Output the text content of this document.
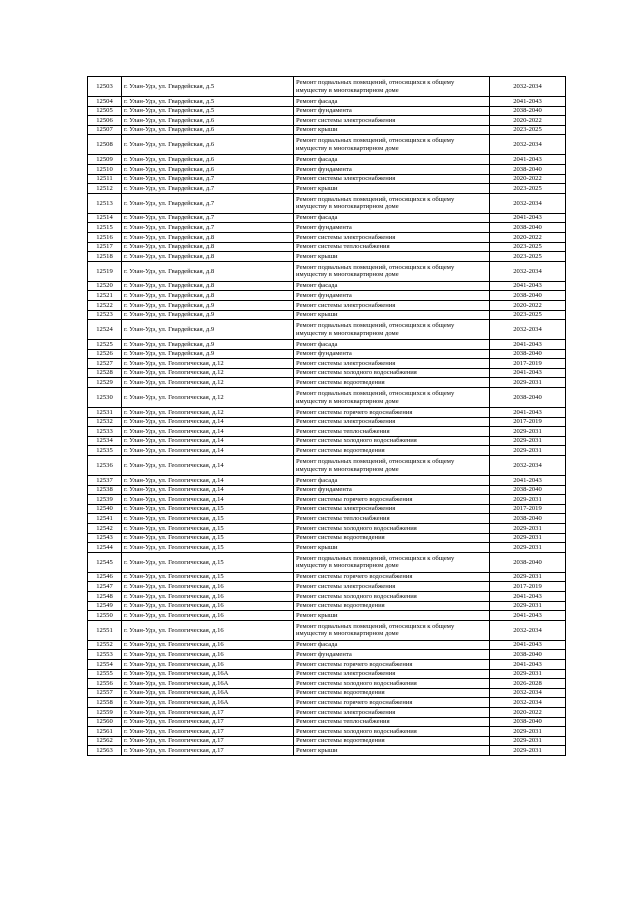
12503	г. Улан-Удэ, ул. Гвардейская, д.5	Ремонт подвальных помещений, относящихся к общему имуществу в многоквартирном доме	2032-2034
12504	г. Улан-Удэ, ул. Гвардейская, д.5	Ремонт фасада	2041-2043
12505	г. Улан-Удэ, ул. Гвардейская, д.5	Ремонт фундамента	2038-2040
12506	г. Улан-Удэ, ул. Гвардейская, д.6	Ремонт системы электроснабжения	2020-2022
12507	г. Улан-Удэ, ул. Гвардейская, д.6	Ремонт крыши	2023-2025
12508	г. Улан-Удэ, ул. Гвардейская, д.6	Ремонт подвальных помещений, относящихся к общему имуществу в многоквартирном доме	2032-2034
12509	г. Улан-Удэ, ул. Гвардейская, д.6	Ремонт фасада	2041-2043
12510	г. Улан-Удэ, ул. Гвардейская, д.6	Ремонт фундамента	2038-2040
12511	г. Улан-Удэ, ул. Гвардейская, д.7	Ремонт системы электроснабжения	2020-2022
12512	г. Улан-Удэ, ул. Гвардейская, д.7	Ремонт крыши	2023-2025
12513	г. Улан-Удэ, ул. Гвардейская, д.7	Ремонт подвальных помещений, относящихся к общему имуществу в многоквартирном доме	2032-2034
12514	г. Улан-Удэ, ул. Гвардейская, д.7	Ремонт фасада	2041-2043
12515	г. Улан-Удэ, ул. Гвардейская, д.7	Ремонт фундамента	2038-2040
12516	г. Улан-Удэ, ул. Гвардейская, д.8	Ремонт системы электроснабжения	2020-2022
12517	г. Улан-Удэ, ул. Гвардейская, д.8	Ремонт системы теплоснабжения	2023-2025
12518	г. Улан-Удэ, ул. Гвардейская, д.8	Ремонт крыши	2023-2025
12519	г. Улан-Удэ, ул. Гвардейская, д.8	Ремонт подвальных помещений, относящихся к общему имуществу в многоквартирном доме	2032-2034
12520	г. Улан-Удэ, ул. Гвардейская, д.8	Ремонт фасада	2041-2043
12521	г. Улан-Удэ, ул. Гвардейская, д.8	Ремонт фундамента	2038-2040
12522	г. Улан-Удэ, ул. Гвардейская, д.9	Ремонт системы электроснабжения	2020-2022
12523	г. Улан-Удэ, ул. Гвардейская, д.9	Ремонт крыши	2023-2025
12524	г. Улан-Удэ, ул. Гвардейская, д.9	Ремонт подвальных помещений, относящихся к общему имуществу в многоквартирном доме	2032-2034
12525	г. Улан-Удэ, ул. Гвардейская, д.9	Ремонт фасада	2041-2043
12526	г. Улан-Удэ, ул. Гвардейская, д.9	Ремонт фундамента	2038-2040
12527	г. Улан-Удэ, ул. Геологическая, д.12	Ремонт системы электроснабжения	2017-2019
12528	г. Улан-Удэ, ул. Геологическая, д.12	Ремонт системы холодного водоснабжения	2041-2043
12529	г. Улан-Удэ, ул. Геологическая, д.12	Ремонт системы водоотведения	2029-2031
12530	г. Улан-Удэ, ул. Геологическая, д.12	Ремонт подвальных помещений, относящихся к общему имуществу в многоквартирном доме	2038-2040
12531	г. Улан-Удэ, ул. Геологическая, д.12	Ремонт системы горячего водоснабжения	2041-2043
12532	г. Улан-Удэ, ул. Геологическая, д.14	Ремонт системы электроснабжения	2017-2019
12533	г. Улан-Удэ, ул. Геологическая, д.14	Ремонт системы теплоснабжения	2029-2031
12534	г. Улан-Удэ, ул. Геологическая, д.14	Ремонт системы холодного водоснабжения	2029-2031
12535	г. Улан-Удэ, ул. Геологическая, д.14	Ремонт системы водоотведения	2029-2031
12536	г. Улан-Удэ, ул. Геологическая, д.14	Ремонт подвальных помещений, относящихся к общему имуществу в многоквартирном доме	2032-2034
12537	г. Улан-Удэ, ул. Геологическая, д.14	Ремонт фасада	2041-2043
12538	г. Улан-Удэ, ул. Геологическая, д.14	Ремонт фундамента	2038-2040
12539	г. Улан-Удэ, ул. Геологическая, д.14	Ремонт системы горячего водоснабжения	2029-2031
12540	г. Улан-Удэ, ул. Геологическая, д.15	Ремонт системы электроснабжения	2017-2019
12541	г. Улан-Удэ, ул. Геологическая, д.15	Ремонт системы теплоснабжения	2038-2040
12542	г. Улан-Удэ, ул. Геологическая, д.15	Ремонт системы холодного водоснабжения	2029-2031
12543	г. Улан-Удэ, ул. Геологическая, д.15	Ремонт системы водоотведения	2029-2031
12544	г. Улан-Удэ, ул. Геологическая, д.15	Ремонт крыши	2029-2031
12545	г. Улан-Удэ, ул. Геологическая, д.15	Ремонт подвальных помещений, относящихся к общему имуществу в многоквартирном доме	2038-2040
12546	г. Улан-Удэ, ул. Геологическая, д.15	Ремонт системы горячего водоснабжения	2029-2031
12547	г. Улан-Удэ, ул. Геологическая, д.16	Ремонт системы электроснабжения	2017-2019
12548	г. Улан-Удэ, ул. Геологическая, д.16	Ремонт системы холодного водоснабжения	2041-2043
12549	г. Улан-Удэ, ул. Геологическая, д.16	Ремонт системы водоотведения	2029-2031
12550	г. Улан-Удэ, ул. Геологическая, д.16	Ремонт крыши	2041-2043
12551	г. Улан-Удэ, ул. Геологическая, д.16	Ремонт подвальных помещений, относящихся к общему имуществу в многоквартирном доме	2032-2034
12552	г. Улан-Удэ, ул. Геологическая, д.16	Ремонт фасада	2041-2043
12553	г. Улан-Удэ, ул. Геологическая, д.16	Ремонт фундамента	2038-2040
12554	г. Улан-Удэ, ул. Геологическая, д.16	Ремонт системы горячего водоснабжения	2041-2043
12555	г. Улан-Удэ, ул. Геологическая, д.16А	Ремонт системы электроснабжения	2029-2031
12556	г. Улан-Удэ, ул. Геологическая, д.16А	Ремонт системы холодного водоснабжения	2026-2028
12557	г. Улан-Удэ, ул. Геологическая, д.16А	Ремонт системы водоотведения	2032-2034
12558	г. Улан-Удэ, ул. Геологическая, д.16А	Ремонт системы горячего водоснабжения	2032-2034
12559	г. Улан-Удэ, ул. Геологическая, д.17	Ремонт системы электроснабжения	2020-2022
12560	г. Улан-Удэ, ул. Геологическая, д.17	Ремонт системы теплоснабжения	2038-2040
12561	г. Улан-Удэ, ул. Геологическая, д.17	Ремонт системы холодного водоснабжения	2029-2031
12562	г. Улан-Удэ, ул. Геологическая, д.17	Ремонт системы водоотведения	2029-2031
12563	г. Улан-Удэ, ул. Геологическая, д.17	Ремонт крыши	2029-2031
